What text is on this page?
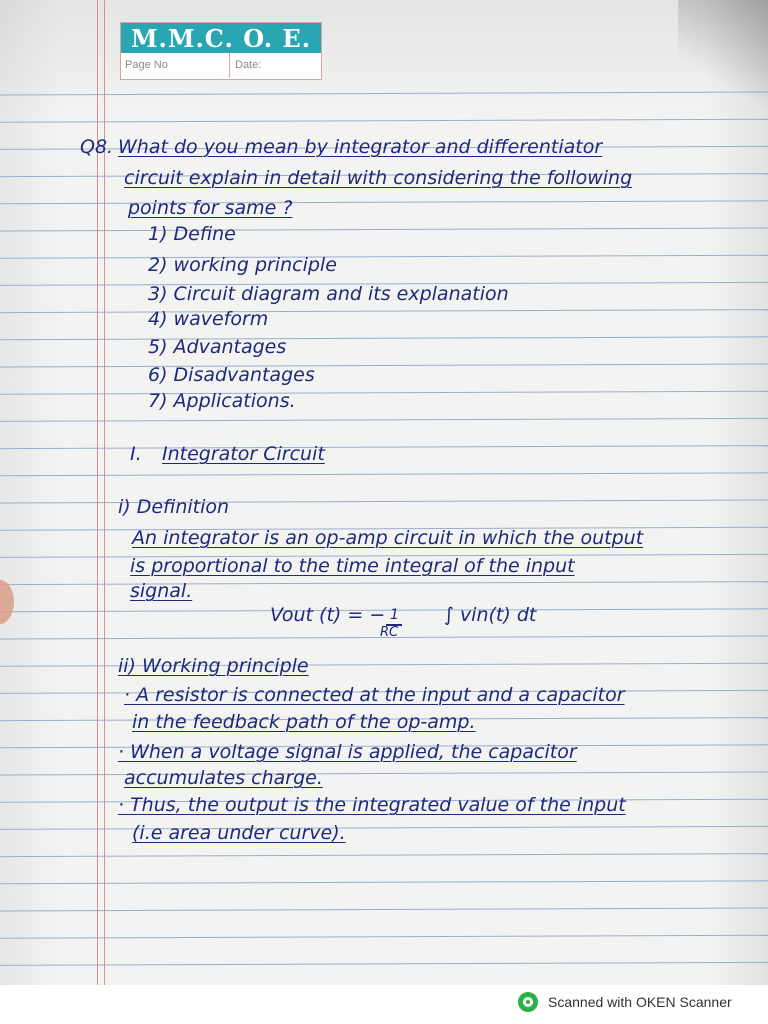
M.M.C. O. E.
Page No	Date:
Q8. What do you mean by integrator and differentiator
circuit explain in detail with considering the following
points for same ?
1) Define
2) working principle
3) Circuit diagram and its explanation
4) waveform
5) Advantages
6) Disadvantages
7) Applications.
I. Integrator Circuit
i) Definition
An integrator is an op-amp circuit in which the output
is proportional to the time integral of the input
signal.
Vout (t) = − 1
RC
∫ vin(t) dt
ii) Working principle
· A resistor is connected at the input and a capacitor
in the feedback path of the op-amp.
· When a voltage signal is applied, the capacitor
accumulates charge.
· Thus, the output is the integrated value of the input
(i.e area under curve).
Scanned with OKEN Scanner
